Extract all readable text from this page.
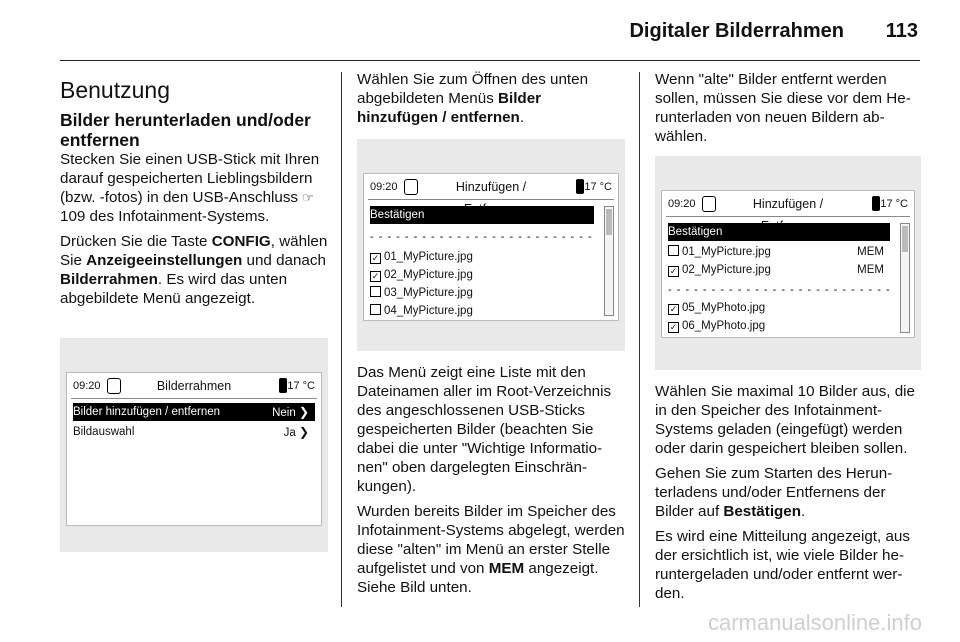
Digitaler Bilderrahmen 113
Benutzung
Bilder herunterladen und/oder entfernen

Stecken Sie einen USB-Stick mit Ihren darauf gespeicherten Lieblingsbildern (bzw. -fotos) in den USB-Anschluss ☞ 109 des Infotainment-Systems.

Drücken Sie die Taste CONFIG, wählen Sie Anzeigeeinstellungen und danach Bilderrahmen. Es wird das unten abgebildete Menü angezeigt.

09:20	Bilderrahmen	17 °C
Bilder hinzufügen / entfernen	Nein ❯
Bildauswahl	Ja ❯

Wählen Sie zum Öffnen des unten abgebildeten Menüs Bilder hinzufügen / entfernen.

09:20	Hinzufügen /	17 °C
Bestätigen
- - - - - - - - - - - - - - - - - - - - - - - - - -
✓ 01_MyPicture.jpg
✓ 02_MyPicture.jpg
03_MyPicture.jpg
04_MyPicture.jpg

Das Menü zeigt eine Liste mit den Dateinamen aller im Root-Verzeichnis des angeschlossenen USB-Sticks gespeicherten Bilder (beachten Sie dabei die unter "Wichtige Informationen" oben dargelegten Einschränkungen).

Wurden bereits Bilder im Speicher des Infotainment-Systems abgelegt, werden diese "alten" im Menü an erster Stelle aufgelistet und von MEM angezeigt. Siehe Bild unten.

Wenn "alte" Bilder entfernt werden sollen, müssen Sie diese vor dem Herunterladen von neuen Bildern abwählen.

09:20	Hinzufügen /	17 °C
Bestätigen
01_MyPicture.jpg	MEM
✓ 02_MyPicture.jpg	MEM
- - - - - - - - - - - - - - - - - - - - - - - - - -
✓ 05_MyPhoto.jpg
✓ 06_MyPhoto.jpg

Wählen Sie maximal 10 Bilder aus, die in den Speicher des Infotainment-Systems geladen (eingefügt) werden oder darin gespeichert bleiben sollen.

Gehen Sie zum Starten des Herunterladens und/oder Entfernens der Bilder auf Bestätigen.

Es wird eine Mitteilung angezeigt, aus der ersichtlich ist, wie viele Bilder heruntergeladen und/oder entfernt werden.

carmanualsonline.info
